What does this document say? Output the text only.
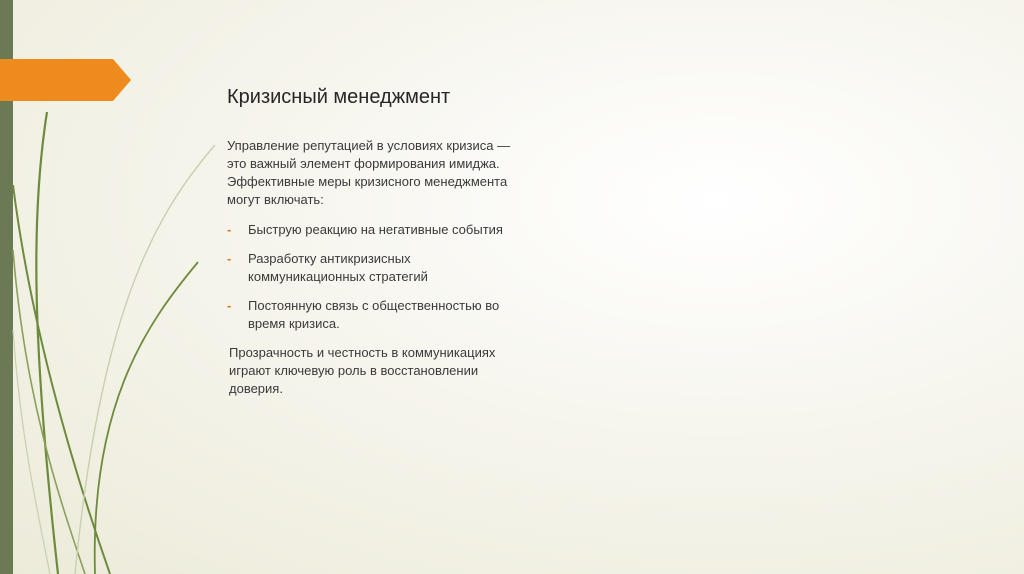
Кризисный менеджмент

Управление репутацией в условиях кризиса — это важный элемент формирования имиджа. Эффективные меры кризисного менеджмента могут включать:

- Быструю реакцию на негативные события
- Разработку антикризисных коммуникационных стратегий
- Постоянную связь с общественностью во время кризиса.

Прозрачность и честность в коммуникациях играют ключевую роль в восстановлении доверия.
